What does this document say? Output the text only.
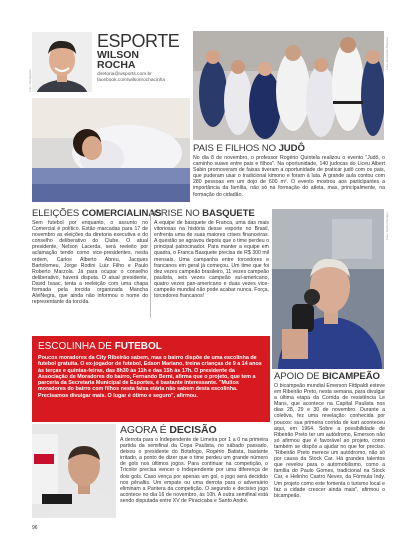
Foto: Divulgação
ESPORTE
WILSON
ROCHA
diretoria@wsports.com.br
facebook.com/wilsonrochacinha
Foto: Alexandre Pascoal
PAIS E FILHOS NO JUDÔ
No dia 8 de novembro, o professor Rogério Quintela realizou o evento "Judô, o caminho suave entre pais e filhos". Na oportunidade, 140 judocas do Liceu Albert Sabin promoveram de faixas tiveram a oportunidade de praticar judô com os pais, que puderam usar o tradicional kimono e foram à luta. A grande aula contou com 280 pessoas em um dojo de 600 m². O evento mostrou aos participantes a importância da família, não só na formação do atleta, mas, principalmente, na formação do cidadão.
ELEIÇÕES COMERCIALINAS
Sem futebol por enquanto, o assunto no Comercial é político. Estão marcadas para 17 de novembro as eleições da diretoria executiva e do conselho deliberativo do Clube. O atual presidente, Nelson Lacerda, será reeleito por aclamação tendo como vice-presidentes, nesta ordem, Carlos Alberto Abreu, Jacques Bartolomeu, Jorge Rodini Luiz Filho e Paulo Roberto Marzola. Já para ocupar o conselho deliberativo, haverá disputa. O atual presidente, David Isaac, tenta a reeleição com uma chapa formada pela torcida organizada Mancha AlviNegra, que ainda não informou o nome do representante da torcida.
CRISE NO BASQUETE
A equipe de basquete de Franca, uma das mais vitoriosas na história desse esporte no Brasil, enfrenta uma de suas maiores crises financeiras. A questão se agravou depois que o time perdeu o principal patrocinador. Para manter a equipe em quadra, o Franca Basquete precisa de R$ 300 mil mensais. Uma campanha entre torcedores e francanos em geral já começou. Um time que foi dez vezes campeão brasileiro, 11 vezes campeão paulista, seis vezes campeão sul-americano, quatro vezes pan-americano e duas vezes vice-campeão mundial não pode acabar nunca. Força, torcedores francanos!
Foto: Sylvio Cervigni
ESCOLINHA DE FUTEBOL
Poucos moradores da City Ribeirão sabem, mas o bairro dispõe de uma escolinha de futebol gratuita. O ex-jogador de futebol, Edson Mariano, treina crianças de 9 a 14 anos às terças e quintas-feiras, das 8h30 às 11h e das 15h às 17h. O presidente da Associação de Moradores do bairro, Fernando Berni, afirma que o projeto, que tem a parceria da Secretaria Municipal de Esportes, é bastante interessante. "Muitos moradores do bairro com filhos nesta faixa etária não sabem desta escolinha. Precisamos divulgar mais. O lugar é ótimo e seguro", afirmou.
APOIO DE BICAMPEÃO
O bicampeão mundial Emerson Fittipaldi esteve em Ribeirão Preto, nesta semana, para divulgar a última etapa da Corrida de resistência Le Mans, que acontece na Capital Paulista nos dias 28, 29 e 30 de novembro. Durante a coletiva, fez uma revelação: conhecida por poucos: sua primeira corrida de kart aconteceu aqui, em 1964. Sobre a possibilidade de Ribeirão Preto ter um autódromo, Emerson não só afirmou que é favorável ao projeto, como também se dispôs a ajudar no que for preciso. "Ribeirão Preto merece um autódromo, não só por causa da Stock Car. Há grandes talentos que revelou para o automobilismo, como a família do Paulo Gomes, tradicional na Stock Car, e Helinho Castro Neves, da Fórmula Indy. Um projeto como este fomenta o turismo local e faz a cidade crescer ainda mais", afirmou o bicampeão.
AGORA É DECISÃO
A derrota para o Independente de Limeira por 1 a 0 na primeira partida da semifinal da Copa Paulista, no sábado passado, deixou o presidente do Botafogo, Rogério Batista, bastante irritado, a ponto de dizer que o time perdeu um grande número de gols nos últimos jogos. Para continuar na competição, o Tricolor precisa vencer o Independente por uma diferença de dois gols. Caso vença por apenas um gol, o jogo será decidido nos pênaltis. Um empate ou uma derrota para o adversário eliminam a Pantera da competição. O segundo e decisivo jogo acontece no dia 16 de novembro, às 10h. A outra semifinal está sendo disputada entre XV de Piracicaba e Santo André.
96
